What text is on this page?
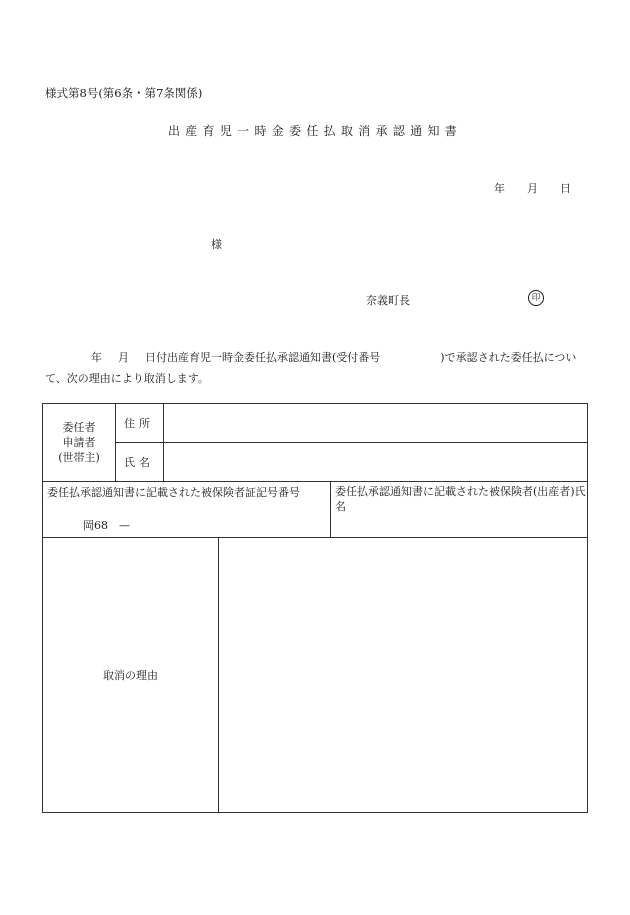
様式第8号(第6条・第7条関係)
出産育児一時金委任払取消承認通知書
年 月 日
様
奈義町長	印
年 月 日付出産育児一時金委任払承認通知書(受付番号	)で承認された委任払について、次の理由により取消します。
委任者
申請者
(世帯主)
住所
氏名
委任払承認通知書に記載された被保険者証記号番号
岡68　—
委任払承認通知書に記載された被保険者(出産者)氏名
取消の理由
